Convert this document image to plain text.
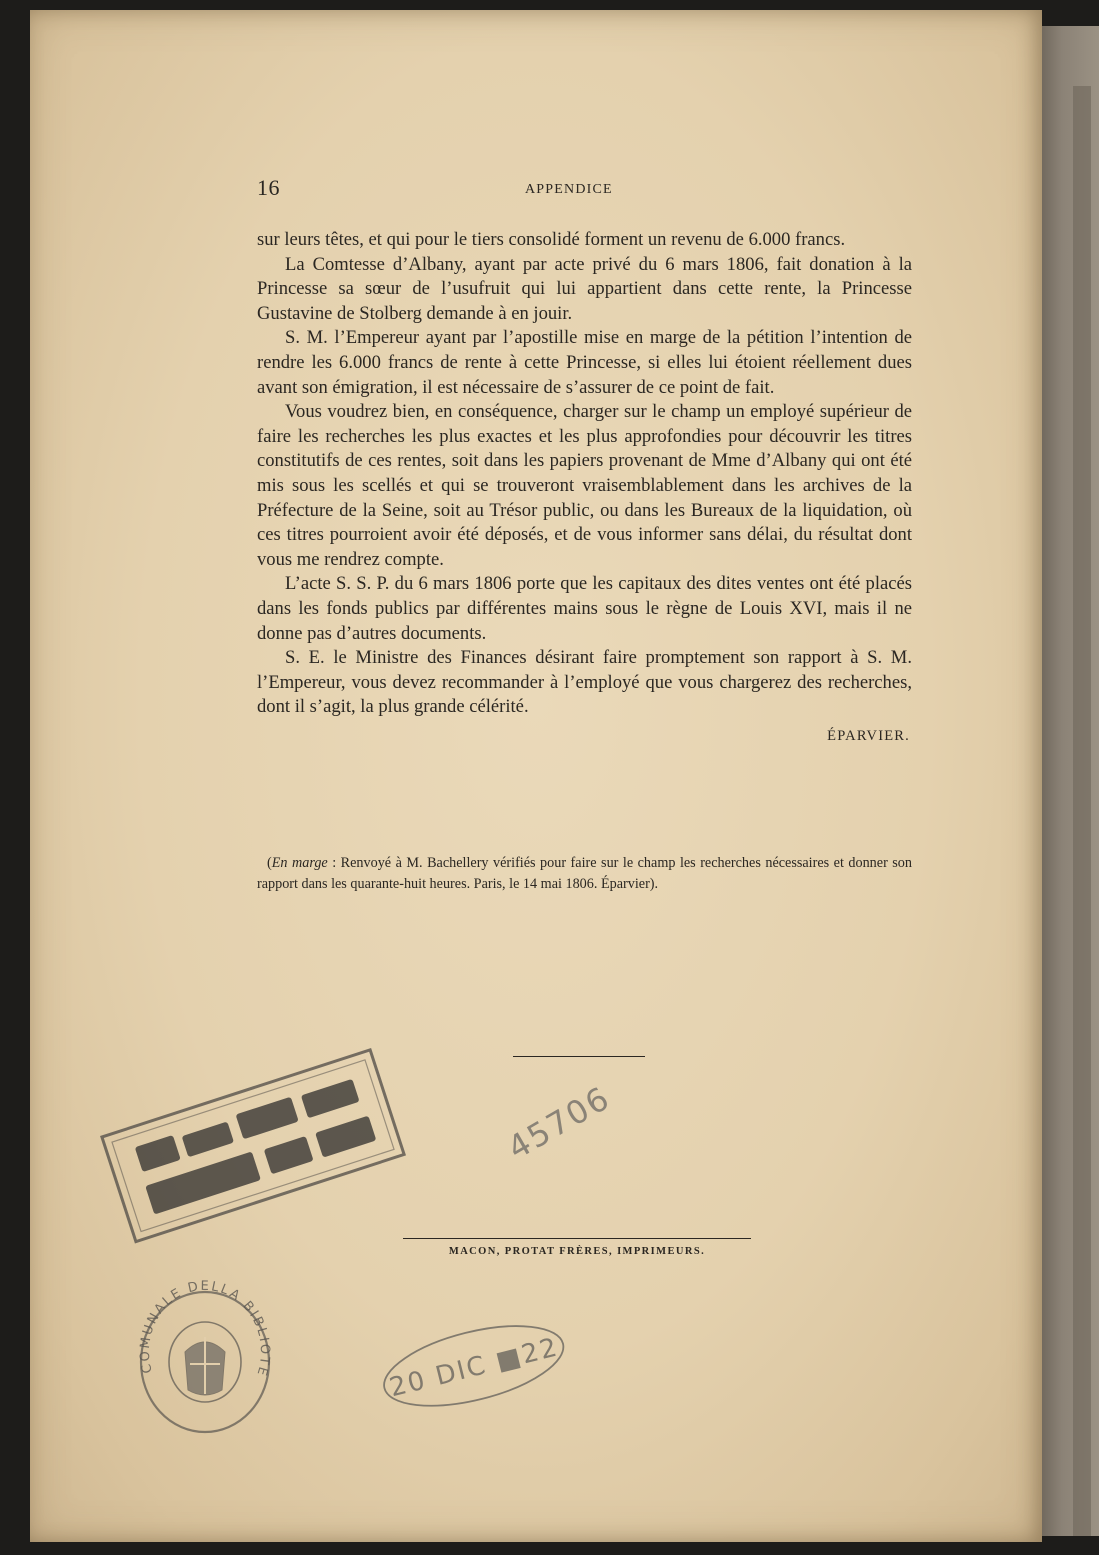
16	APPENDICE

sur leurs têtes, et qui pour le tiers consolidé forment un revenu de 6.000 francs.

La Comtesse d’Albany, ayant par acte privé du 6 mars 1806, fait donation à la Princesse sa sœur de l’usufruit qui lui appartient dans cette rente, la Princesse Gustavine de Stolberg demande à en jouir.

S. M. l’Empereur ayant par l’apostille mise en marge de la pétition l’intention de rendre les 6.000 francs de rente à cette Princesse, si elles lui étoient réellement dues avant son émigration, il est nécessaire de s’assurer de ce point de fait.

Vous voudrez bien, en conséquence, charger sur le champ un employé supérieur de faire les recherches les plus exactes et les plus approfondies pour découvrir les titres constitutifs de ces rentes, soit dans les papiers provenant de Mme d’Albany qui ont été mis sous les scellés et qui se trouveront vraisemblablement dans les archives de la Préfecture de la Seine, soit au Trésor public, ou dans les Bureaux de la liquidation, où ces titres pourroient avoir été déposés, et de vous informer sans délai, du résultat dont vous me rendrez compte.

L’acte S. S. P. du 6 mars 1806 porte que les capitaux des dites ventes ont été placés dans les fonds publics par différentes mains sous le règne de Louis XVI, mais il ne donne pas d’autres documents.

S. E. le Ministre des Finances désirant faire promptement son rapport à S. M. l’Empereur, vous devez recommander à l’employé que vous chargerez des recherches, dont il s’agit, la plus grande célérité.

ÉPARVIER.

(En marge : Renvoyé à M. Bachellery vérifiés pour faire sur le champ les recherches nécessaires et donner son rapport dans les quarante-huit heures. Paris, le 14 mai 1806. Éparvier).
45706
MACON, PROTAT FRÈRES, IMPRIMEURS.
COMUNALE DELLA BIBLIOTECA
20 DIC ■22
